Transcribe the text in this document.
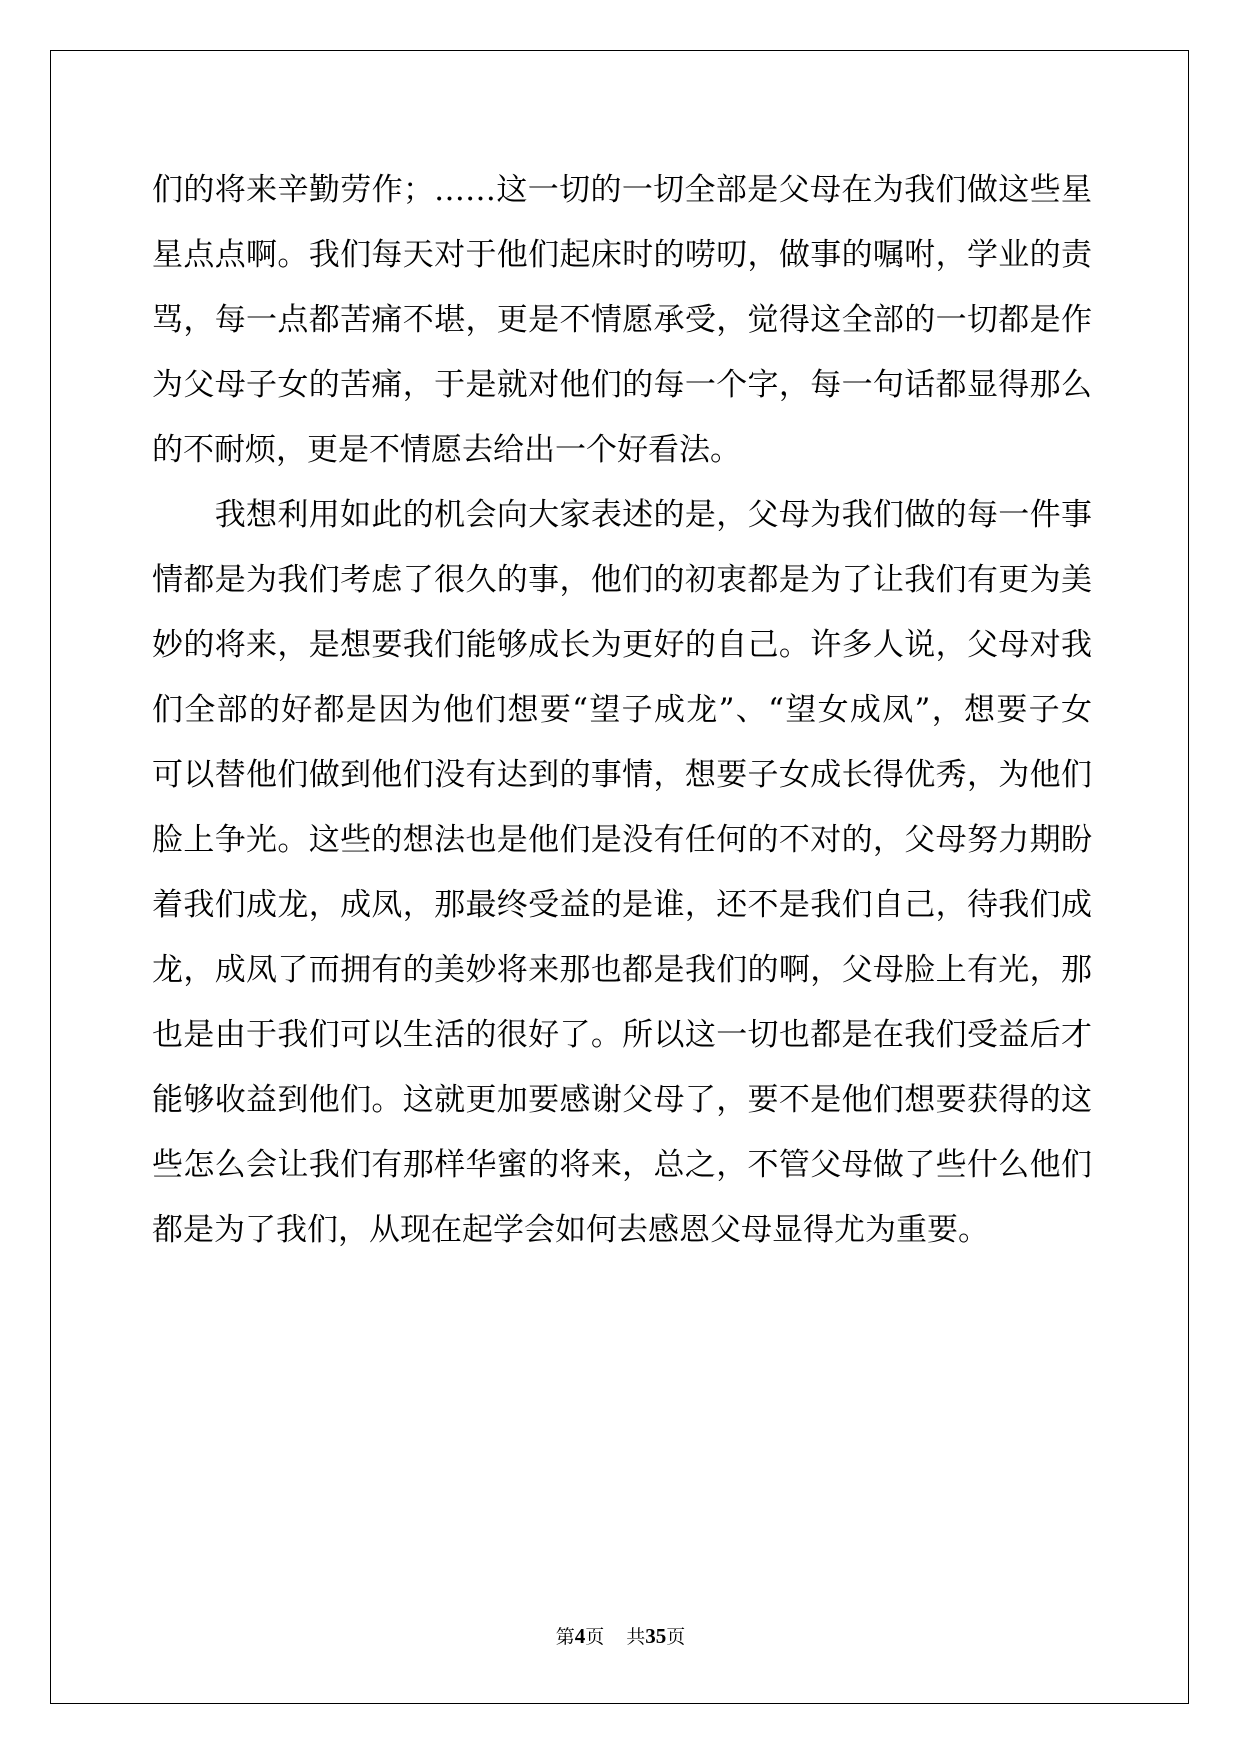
们的将来辛勤劳作；……这一切的一切全部是父母在为我们做这些星
星点点啊。我们每天对于他们起床时的唠叨，做事的嘱咐，学业的责
骂，每一点都苦痛不堪，更是不情愿承受，觉得这全部的一切都是作
为父母子女的苦痛，于是就对他们的每一个字，每一句话都显得那么
的不耐烦，更是不情愿去给出一个好看法。
　　我想利用如此的机会向大家表述的是，父母为我们做的每一件事
情都是为我们考虑了很久的事，他们的初衷都是为了让我们有更为美
妙的将来，是想要我们能够成长为更好的自己。许多人说，父母对我
们全部的好都是因为他们想要“望子成龙”、“望女成凤”，想要子女
可以替他们做到他们没有达到的事情，想要子女成长得优秀，为他们
脸上争光。这些的想法也是他们是没有任何的不对的，父母努力期盼
着我们成龙，成凤，那最终受益的是谁，还不是我们自己，待我们成
龙，成凤了而拥有的美妙将来那也都是我们的啊，父母脸上有光，那
也是由于我们可以生活的很好了。所以这一切也都是在我们受益后才
能够收益到他们。这就更加要感谢父母了，要不是他们想要获得的这
些怎么会让我们有那样华蜜的将来，总之，不管父母做了些什么他们
都是为了我们，从现在起学会如何去感恩父母显得尤为重要。
第4页 共35页
